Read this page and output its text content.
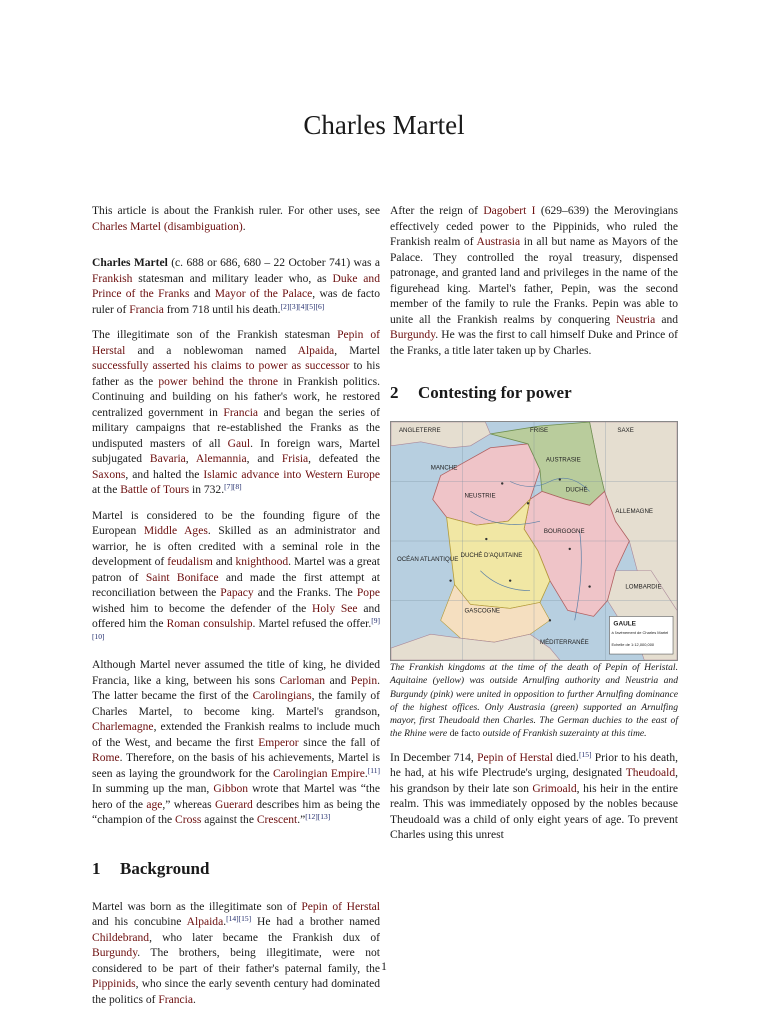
Charles Martel

This article is about the Frankish ruler. For other uses, see Charles Martel (disambiguation).

Charles Martel (c. 688 or 686, 680 – 22 October 741) was a Frankish statesman and military leader who, as Duke and Prince of the Franks and Mayor of the Palace, was de facto ruler of Francia from 718 until his death.[2][3][4][5][6]

The illegitimate son of the Frankish statesman Pepin of Herstal and a noblewoman named Alpaida, Martel successfully asserted his claims to power as successor to his father as the power behind the throne in Frankish politics. Continuing and building on his father's work, he restored centralized government in Francia and began the series of military campaigns that re-established the Franks as the undisputed masters of all Gaul. In foreign wars, Martel subjugated Bavaria, Alemannia, and Frisia, defeated the Saxons, and halted the Islamic advance into Western Europe at the Battle of Tours in 732.[7][8]

Martel is considered to be the founding figure of the European Middle Ages. Skilled as an administrator and warrior, he is often credited with a seminal role in the development of feudalism and knighthood. Martel was a great patron of Saint Boniface and made the first attempt at reconciliation between the Papacy and the Franks. The Pope wished him to become the defender of the Holy See and offered him the Roman consulship. Martel refused the offer.[9][10]

Although Martel never assumed the title of king, he divided Francia, like a king, between his sons Carloman and Pepin. The latter became the first of the Carolingians, the family of Charles Martel, to become king. Martel's grandson, Charlemagne, extended the Frankish realms to include much of the West, and became the first Emperor since the fall of Rome. Therefore, on the basis of his achievements, Martel is seen as laying the groundwork for the Carolingian Empire.[11] In summing up the man, Gibbon wrote that Martel was “the hero of the age,” whereas Guerard describes him as being the “champion of the Cross against the Crescent.”[12][13]

1 Background

Martel was born as the illegitimate son of Pepin of Herstal and his concubine Alpaida.[14][15] He had a brother named Childebrand, who later became the Frankish dux of Burgundy. The brothers, being illegitimate, were not considered to be part of their father's paternal family, the Pippinids, who since the early seventh century had dominated the politics of Francia.

After the reign of Dagobert I (629–639) the Merovingians effectively ceded power to the Pippinids, who ruled the Frankish realm of Austrasia in all but name as Mayors of the Palace. They controlled the royal treasury, dispensed patronage, and granted land and privileges in the name of the figurehead king. Martel's father, Pepin, was the second member of the family to rule the Franks. Pepin was able to unite all the Frankish realms by conquering Neustria and Burgundy. He was the first to call himself Duke and Prince of the Franks, a title later taken up by Charles.

2 Contesting for power
ANGLETERRE	FRISE	SAXE
MANCHE
AUSTRASIE
DUCHÉ
NEUSTRIE
ALLEMAGNE
BOURGOGNE
OCÉAN ATLANTIQUE
DUCHÉ D'AQUITAINE
LOMBARDIE
GASCOGNE
MÉDITERRANÉE
GAULE
à l'avènement de Charles Martel
Echelle de 1:12,000,000

The Frankish kingdoms at the time of the death of Pepin of Heristal. Aquitaine (yellow) was outside Arnulfing authority and Neustria and Burgundy (pink) were united in opposition to further Arnulfing dominance of the highest offices. Only Austrasia (green) supported an Arnulfing mayor, first Theudoald then Charles. The German duchies to the east of the Rhine were de facto outside of Frankish suzerainty at this time.

In December 714, Pepin of Herstal died.[15] Prior to his death, he had, at his wife Plectrude's urging, designated Theudoald, his grandson by their late son Grimoald, his heir in the entire realm. This was immediately opposed by the nobles because Theudoald was a child of only eight years of age. To prevent Charles using this unrest

1
